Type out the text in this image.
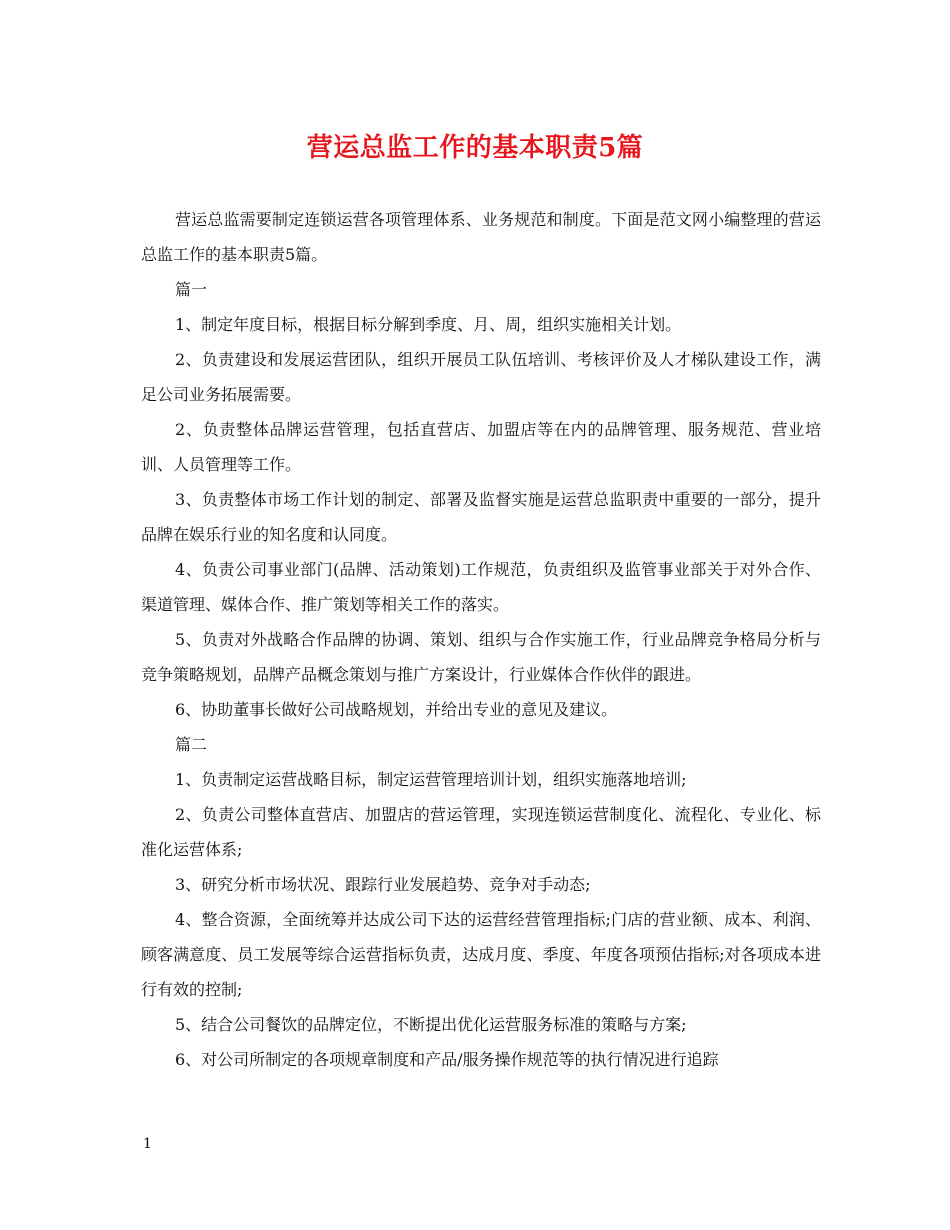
营运总监工作的基本职责5篇

营运总监需要制定连锁运营各项管理体系、业务规范和制度。下面是范文网小编整理的营运总监工作的基本职责5篇。

篇一

1、制定年度目标，根据目标分解到季度、月、周，组织实施相关计划。

2、负责建设和发展运营团队，组织开展员工队伍培训、考核评价及人才梯队建设工作，满足公司业务拓展需要。

2、负责整体品牌运营管理，包括直营店、加盟店等在内的品牌管理、服务规范、营业培训、人员管理等工作。

3、负责整体市场工作计划的制定、部署及监督实施是运营总监职责中重要的一部分，提升品牌在娱乐行业的知名度和认同度。

4、负责公司事业部门(品牌、活动策划)工作规范，负责组织及监管事业部关于对外合作、渠道管理、媒体合作、推广策划等相关工作的落实。

5、负责对外战略合作品牌的协调、策划、组织与合作实施工作，行业品牌竞争格局分析与竞争策略规划，品牌产品概念策划与推广方案设计，行业媒体合作伙伴的跟进。

6、协助董事长做好公司战略规划，并给出专业的意见及建议。

篇二

1、负责制定运营战略目标，制定运营管理培训计划，组织实施落地培训;

2、负责公司整体直营店、加盟店的营运管理，实现连锁运营制度化、流程化、专业化、标准化运营体系;

3、研究分析市场状况、跟踪行业发展趋势、竞争对手动态;

4、整合资源，全面统筹并达成公司下达的运营经营管理指标;门店的营业额、成本、利润、顾客满意度、员工发展等综合运营指标负责，达成月度、季度、年度各项预估指标;对各项成本进行有效的控制;

5、结合公司餐饮的品牌定位，不断提出优化运营服务标准的策略与方案;

6、对公司所制定的各项规章制度和产品/服务操作规范等的执行情况进行追踪

1
